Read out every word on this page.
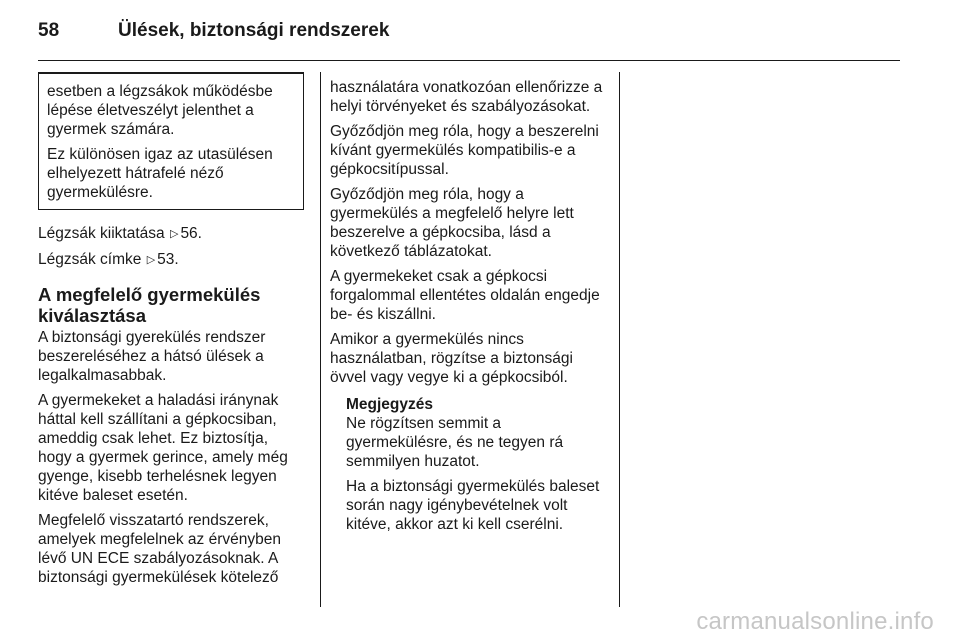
58	Ülések, biztonsági rendszerek

esetben a légzsákok működésbe lépése életveszélyt jelenthet a gyermek számára.

Ez különösen igaz az utasülésen elhelyezett hátrafelé néző gyermekülésre.

Légzsák kiiktatása ▷ 56.
Légzsák címke ▷ 53.
A megfelelő gyermekülés kiválasztása

A biztonsági gyerekülés rendszer beszereléséhez a hátsó ülések a legalkalmasabbak.

A gyermekeket a haladási iránynak háttal kell szállítani a gépkocsiban, ameddig csak lehet. Ez biztosítja, hogy a gyermek gerince, amely még gyenge, kisebb terhelésnek legyen kitéve baleset esetén.

Megfelelő visszatartó rendszerek, amelyek megfelelnek az érvényben lévő UN ECE szabályozásoknak. A biztonsági gyermekülések kötelező

használatára vonatkozóan ellenőrizze a helyi törvényeket és szabályozásokat.

Győződjön meg róla, hogy a beszerelni kívánt gyermekülés kompatibilis-e a gépkocsitípussal.

Győződjön meg róla, hogy a gyermekülés a megfelelő helyre lett beszerelve a gépkocsiba, lásd a következő táblázatokat.

A gyermekeket csak a gépkocsi forgalommal ellentétes oldalán engedje be- és kiszállni.

Amikor a gyermekülés nincs használatban, rögzítse a biztonsági övvel vagy vegye ki a gépkocsiból.

Megjegyzés

Ne rögzítsen semmit a gyermekülésre, és ne tegyen rá semmilyen huzatot.

Ha a biztonsági gyermekülés baleset során nagy igénybevételnek volt kitéve, akkor azt ki kell cserélni.

carmanualsonline.info
